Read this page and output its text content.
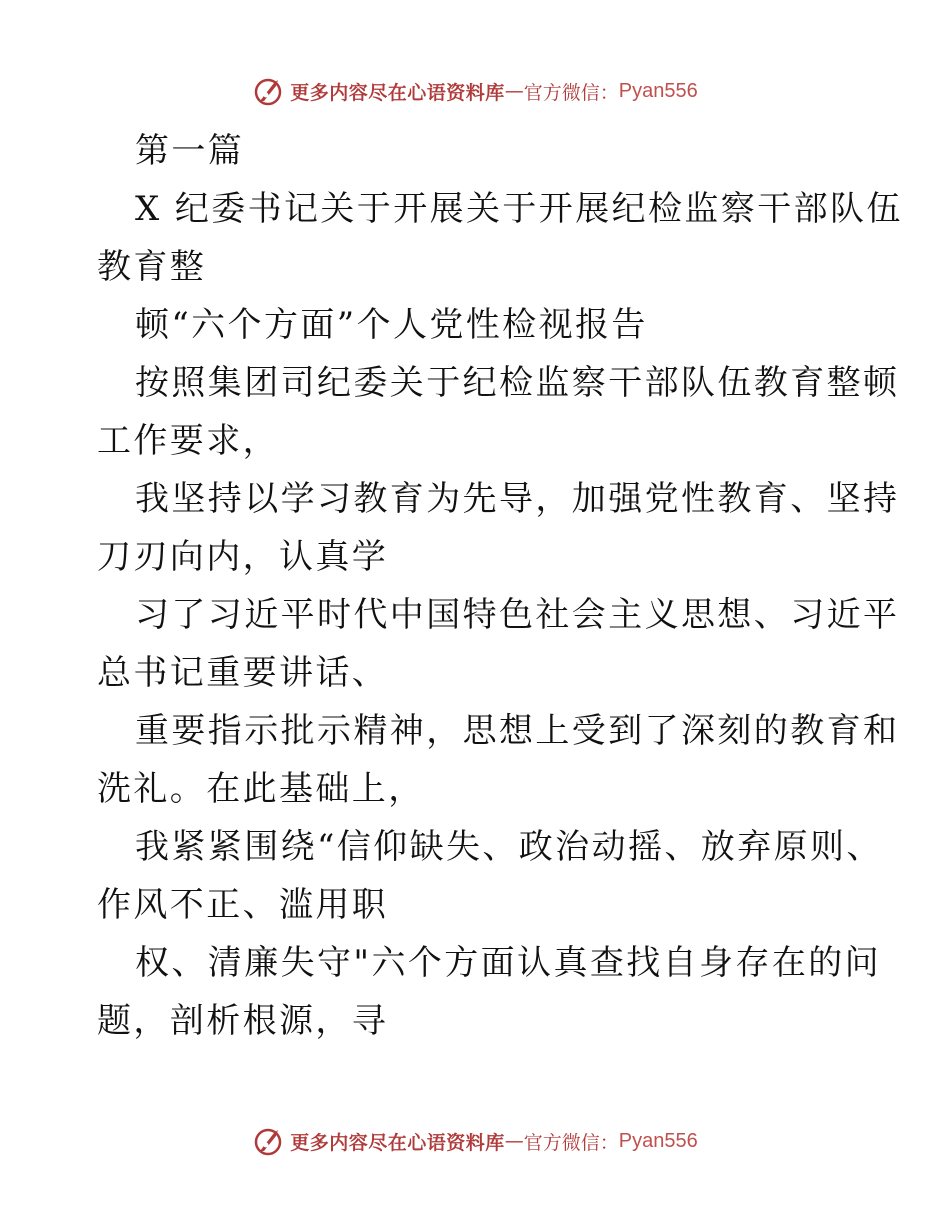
更多内容尽在心语资料库 — 官方微信： Pyan556
第一篇
X 纪委书记关于开展关于开展纪检监察干部队伍
教育整
顿“六个方面”个人党性检视报告
按照集团司纪委关于纪检监察干部队伍教育整顿
工作要求，
我坚持以学习教育为先导，加强党性教育、坚持
刀刃向内，认真学
习了习近平时代中国特色社会主义思想、习近平
总书记重要讲话、
重要指示批示精神，思想上受到了深刻的教育和
洗礼。在此基础上，
我紧紧围绕“信仰缺失、政治动摇、放弃原则、
作风不正、滥用职
权、清廉失守"六个方面认真查找自身存在的问
题，剖析根源，寻
更多内容尽在心语资料库 — 官方微信： Pyan556
